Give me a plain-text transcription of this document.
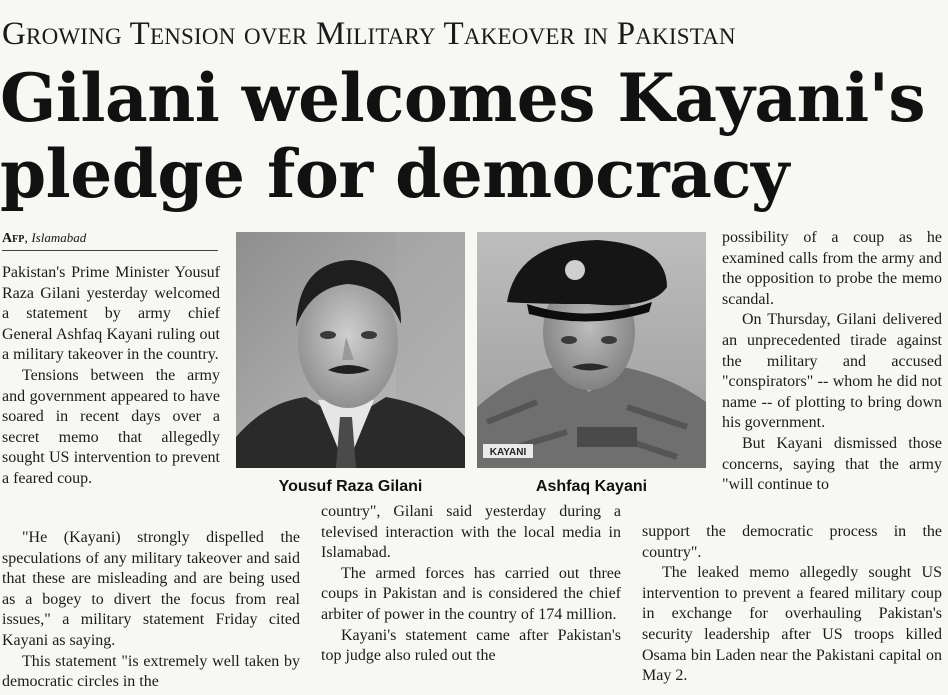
Growing Tension over Military Takeover in Pakistan
Gilani welcomes Kayani's pledge for democracy
Afp, Islamabad

Pakistan's Prime Minister Yousuf Raza Gilani yesterday welcomed a statement by army chief General Ashfaq Kayani ruling out a military takeover in the country.

Tensions between the army and government appeared to have soared in recent days over a secret memo that allegedly sought US intervention to prevent a feared coup.

"He (Kayani) strongly dispelled the speculations of any military takeover and said that these are misleading and are being used as a bogey to divert the focus from real issues," a military statement Friday cited Kayani as saying.

This statement "is extremely well taken by democratic circles in the

country", Gilani said yesterday during a televised interaction with the local media in Islamabad.

The armed forces has carried out three coups in Pakistan and is considered the chief arbiter of power in the country of 174 million.

Kayani's statement came after Pakistan's top judge also ruled out the

possibility of a coup as he examined calls from the army and the opposition to probe the memo scandal.

On Thursday, Gilani delivered an unprecedented tirade against the military and accused "conspirators" -- whom he did not name -- of plotting to bring down his government.

But Kayani dismissed those concerns, saying that the army "will continue to

support the democratic process in the country".

The leaked memo allegedly sought US intervention to prevent a feared military coup in exchange for overhauling Pakistan's security leadership after US troops killed Osama bin Laden near the Pakistani capital on May 2.

Yousuf Raza Gilani
KAYANI
Ashfaq Kayani
